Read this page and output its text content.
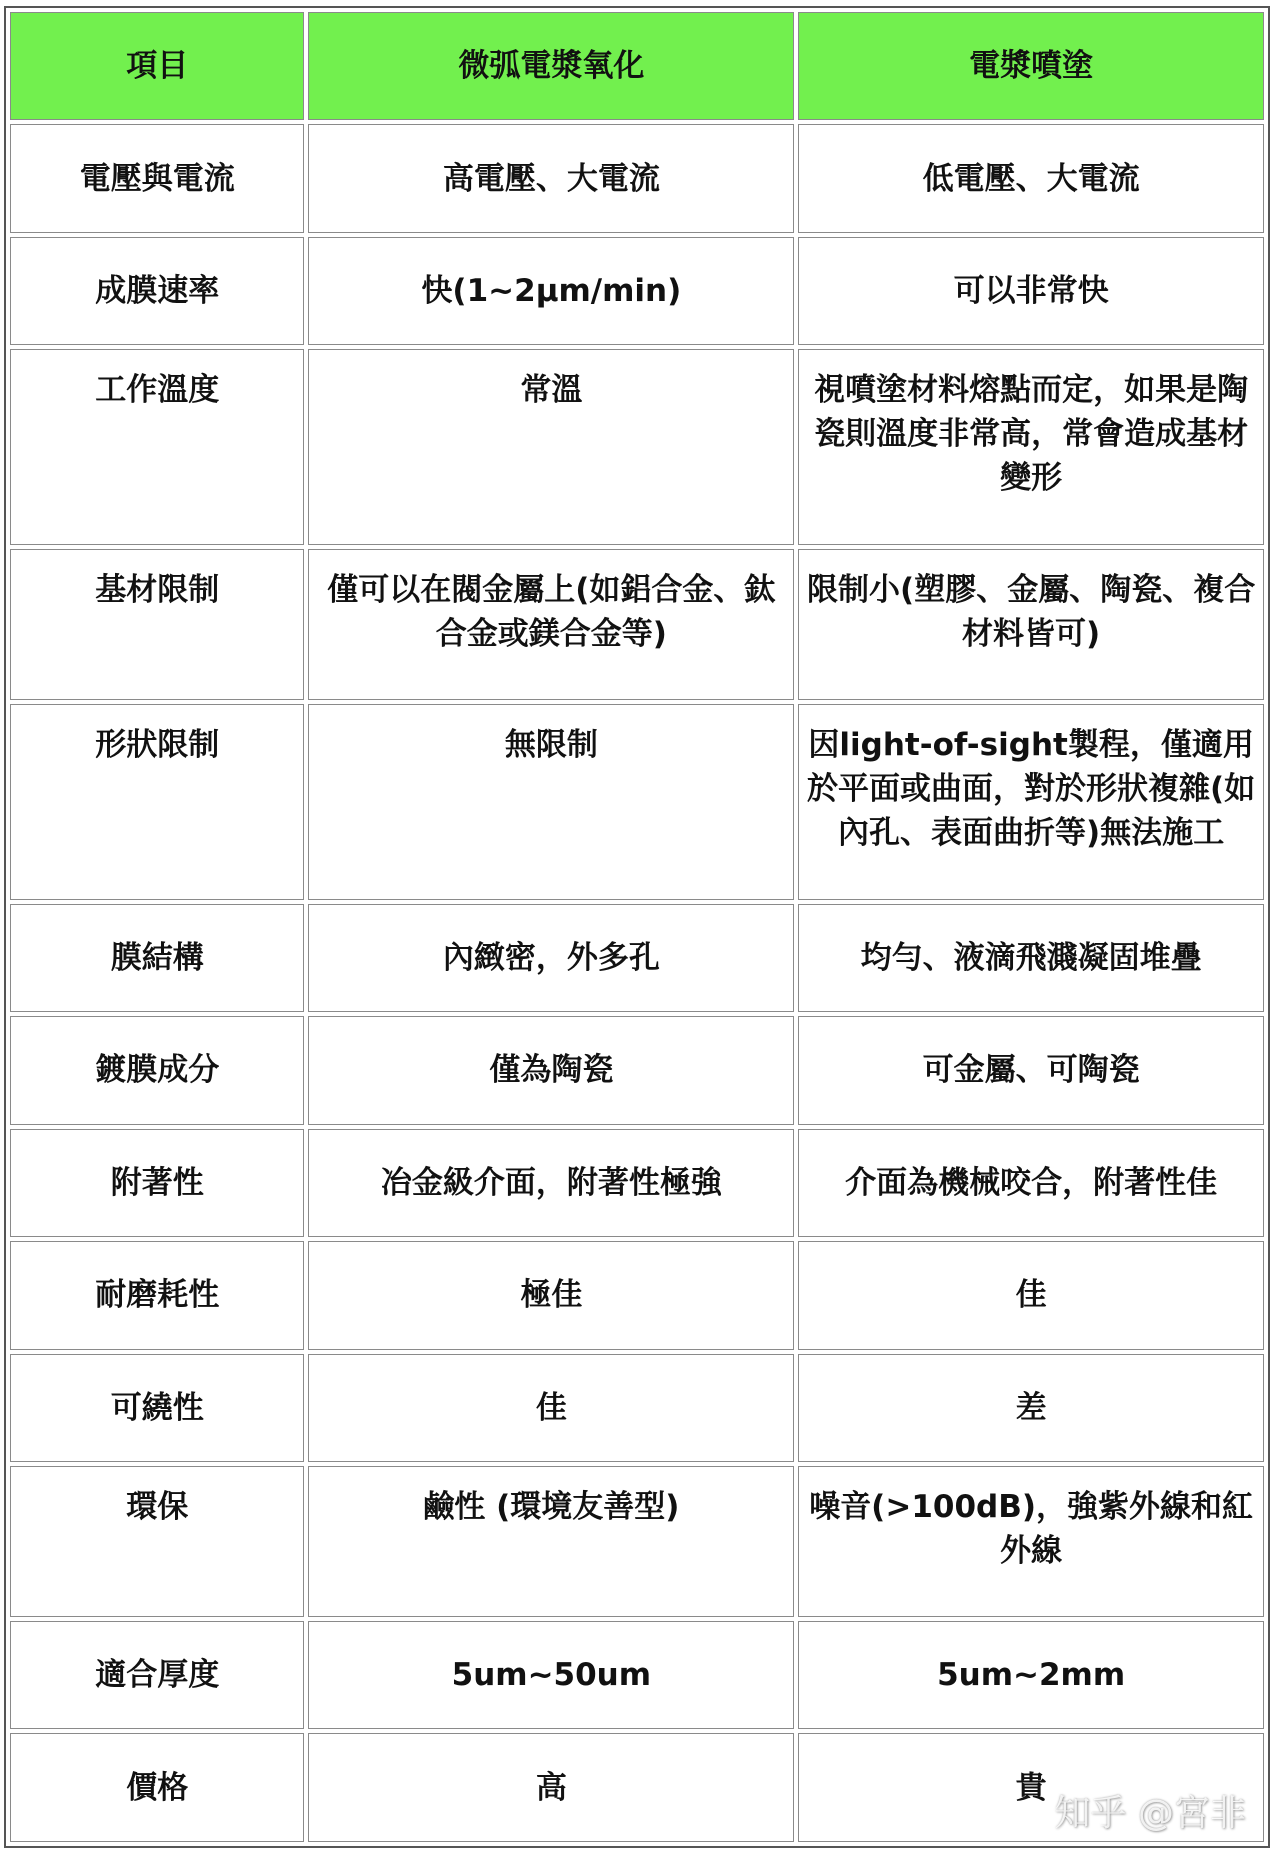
項目	微弧電漿氧化	電漿噴塗
電壓與電流	高電壓、大電流	低電壓、大電流
成膜速率	快(1~2μm/min)	可以非常快
工作溫度	常溫	視噴塗材料熔點而定，如果是陶瓷則溫度非常高，常會造成基材變形
基材限制	僅可以在閥金屬上(如鋁合金、鈦合金或鎂合金等)	限制小(塑膠、金屬、陶瓷、複合材料皆可)
形狀限制	無限制	因light-of-sight製程，僅適用於平面或曲面，對於形狀複雜(如內孔、表面曲折等)無法施工
膜結構	內緻密，外多孔	均勻、液滴飛濺凝固堆疊
鍍膜成分	僅為陶瓷	可金屬、可陶瓷
附著性	冶金級介面，附著性極強	介面為機械咬合，附著性佳
耐磨耗性	極佳	佳
可繞性	佳	差
環保	鹼性 (環境友善型)	噪音(>100dB)，強紫外線和紅外線
適合厚度	5um~50um	5um~2mm
價格	高	貴
知乎 @宮非
